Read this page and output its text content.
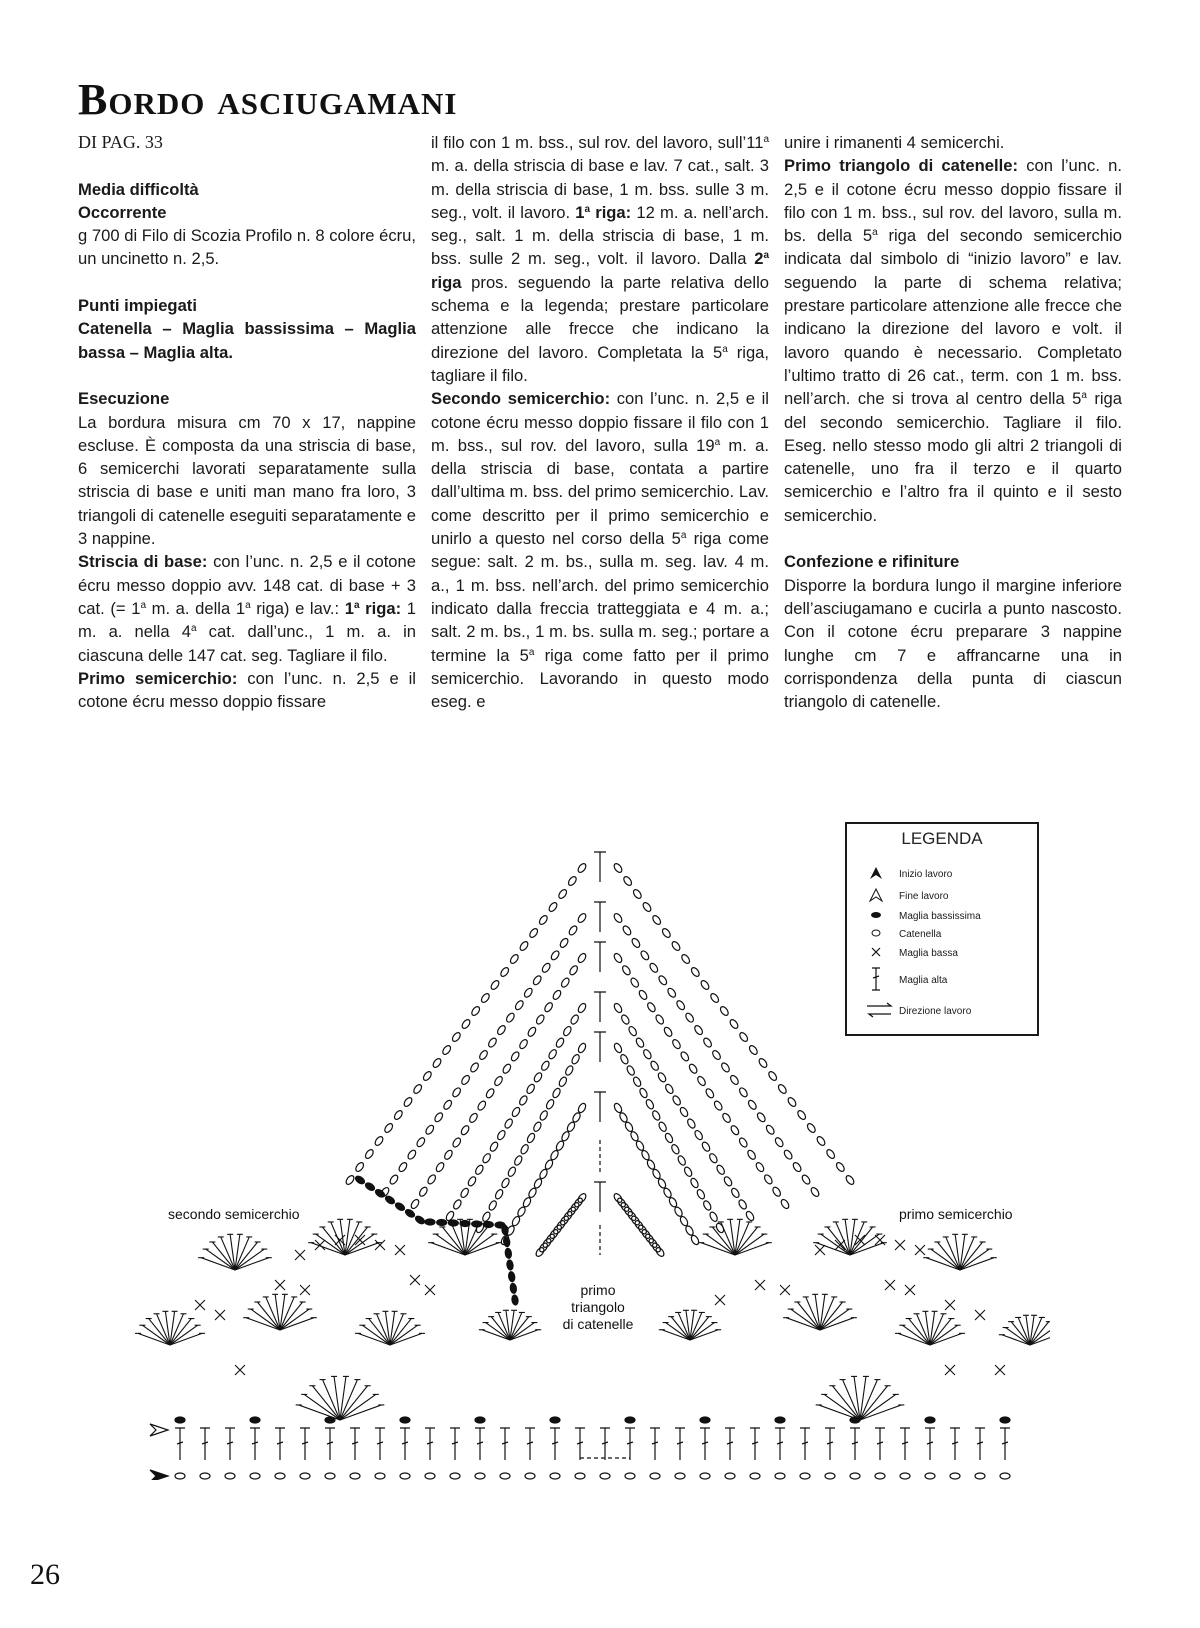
Bordo asciugamani

DI PAG. 33

Media difficoltà

Occorrente

g 700 di Filo di Scozia Profilo n. 8 colore écru, un uncinetto n. 2,5.

Punti impiegati

Catenella – Maglia bassissima – Maglia bassa – Maglia alta.

Esecuzione

La bordura misura cm 70 x 17, nappine escluse. È composta da una striscia di base, 6 semicerchi lavorati separatamente sulla striscia di base e uniti man mano fra loro, 3 triangoli di catenelle eseguiti separatamente e 3 nappine.

Striscia di base: con l’unc. n. 2,5 e il cotone écru messo doppio avv. 148 cat. di base + 3 cat. (= $1^a$ m. a. della 1$^a$ riga) e lav.: 1$^a$ riga: 1 m. a. nella 4$^a$ cat. dall’unc., 1 m. a. in ciascuna delle 147 cat. seg. Tagliare il filo.

Primo semicerchio: con l’unc. n. 2,5 e il cotone écru messo doppio fissare

il filo con 1 m. bss., sul rov. del lavoro, sull’11$^a$ m. a. della striscia di base e lav. 7 cat., salt. 3 m. della striscia di base, 1 m. bss. sulle 3 m. seg., volt. il lavoro. 1$^a$ riga: 12 m. a. nell’arch. seg., salt. 1 m. della striscia di base, 1 m. bss. sulle 2 m. seg., volt. il lavoro. Dalla 2$^a$ riga pros. seguendo la parte relativa dello schema e la legenda; prestare particolare attenzione alle frecce che indicano la direzione del lavoro. Completata la 5$^a$ riga, tagliare il filo.

Secondo semicerchio: con l’unc. n. 2,5 e il cotone écru messo doppio fissare il filo con 1 m. bss., sul rov. del lavoro, sulla 19$^a$ m. a. della striscia di base, contata a partire dall’ultima m. bss. del primo semicerchio. Lav. come descritto per il primo semicerchio e unirlo a questo nel corso della 5$^a$ riga come segue: salt. 2 m. bs., sulla m. seg. lav. 4 m. a., 1 m. bss. nell’arch. del primo semicerchio indicato dalla freccia tratteggiata e 4 m. a.; salt. 2 m. bs., 1 m. bs. sulla m. seg.; portare a termine la 5$^a$ riga come fatto per il primo semicerchio. Lavorando in questo modo eseg. e

unire i rimanenti 4 semicerchi.

Primo triangolo di catenelle: con l’unc. n. 2,5 e il cotone écru messo doppio fissare il filo con 1 m. bss., sul rov. del lavoro, sulla m. bs. della 5$^a$ riga del secondo semicerchio indicata dal simbolo di “inizio lavoro” e lav. seguendo la parte di schema relativa; prestare particolare attenzione alle frecce che indicano la direzione del lavoro e volt. il lavoro quando è necessario. Completato l’ultimo tratto di 26 cat., term. con 1 m. bss. nell’arch. che si trova al centro della 5$^a$ riga del secondo semicerchio. Tagliare il filo. Eseg. nello stesso modo gli altri 2 triangoli di catenelle, uno fra il terzo e il quarto semicerchio e l’altro fra il quinto e il sesto semicerchio.

Confezione e rifiniture

Disporre la bordura lungo il margine inferiore dell’asciugamano e cucirla a punto nascosto. Con il cotone écru preparare 3 nappine lunghe cm 7 e affrancarne una in corrispondenza della punta di ciascun triangolo di catenelle.

LEGENDA
Inizio lavoro
Fine lavoro
Maglia bassissima
Catenella
Maglia bassa
Maglia alta
Direzione lavoro
secondo semicerchio	primo semicerchio
primo
triangolo
di catenelle
26
